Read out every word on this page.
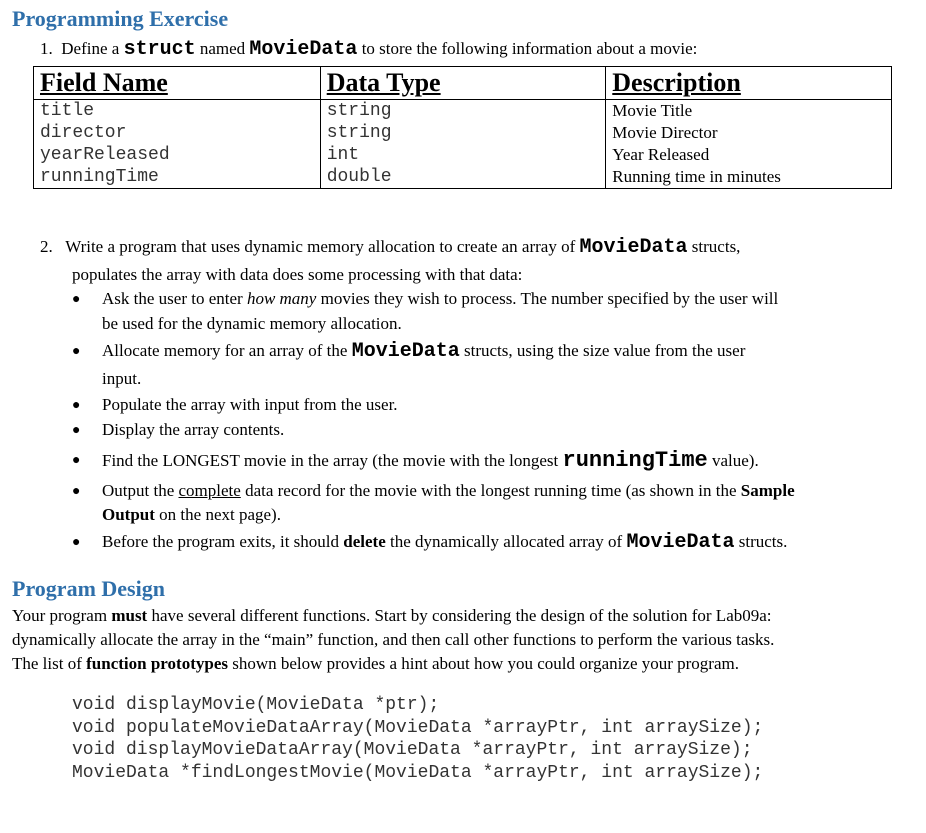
Programming Exercise
1. Define a struct named MovieData to store the following information about a movie:
Field Name	Data Type	Description
title	string	Movie Title
director	string	Movie Director
yearReleased	int	Year Released
runningTime	double	Running time in minutes
2. Write a program that uses dynamic memory allocation to create an array of MovieData structs,
populates the array with data does some processing with that data:
● Ask the user to enter how many movies they wish to process. The number specified by the user will
be used for the dynamic memory allocation.
● Allocate memory for an array of the MovieData structs, using the size value from the user
input.
● Populate the array with input from the user.
● Display the array contents.
● Find the LONGEST movie in the array (the movie with the longest runningTime value).
● Output the complete data record for the movie with the longest running time (as shown in the Sample
Output on the next page).
● Before the program exits, it should delete the dynamically allocated array of MovieData structs.
Program Design
Your program must have several different functions. Start by considering the design of the solution for Lab09a:
dynamically allocate the array in the “main” function, and then call other functions to perform the various tasks.
The list of function prototypes shown below provides a hint about how you could organize your program.
void displayMovie(MovieData *ptr);
void populateMovieDataArray(MovieData *arrayPtr, int arraySize);
void displayMovieDataArray(MovieData *arrayPtr, int arraySize);
MovieData *findLongestMovie(MovieData *arrayPtr, int arraySize);
